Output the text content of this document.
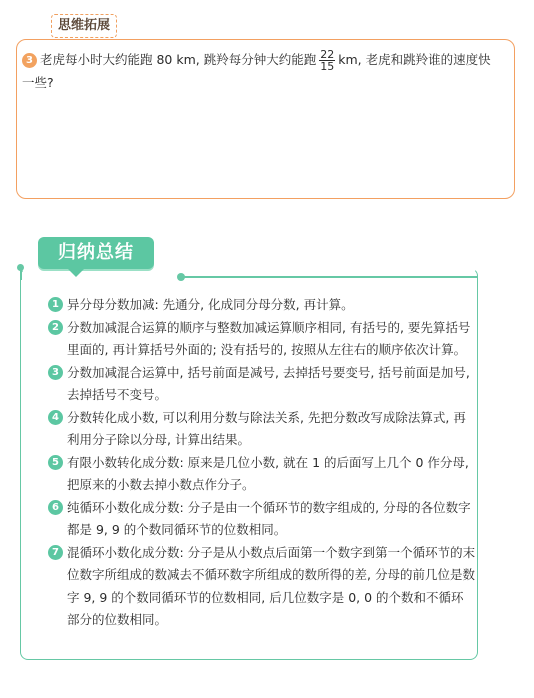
思维拓展
3 老虎每小时大约能跑 80 km, 跳羚每分钟大约能跑 $\frac{22}{15}$ km, 老虎和跳羚谁的速度快一些?
归纳总结
1 异分母分数加减: 先通分, 化成同分母分数, 再计算。
2 分数加减混合运算的顺序与整数加减运算顺序相同, 有括号的, 要先算括号里面的, 再计算括号外面的; 没有括号的, 按照从左往右的顺序依次计算。
3 分数加减混合运算中, 括号前面是减号, 去掉括号要变号, 括号前面是加号, 去掉括号不变号。
4 分数转化成小数, 可以利用分数与除法关系, 先把分数改写成除法算式, 再利用分子除以分母, 计算出结果。
5 有限小数转化成分数: 原来是几位小数, 就在 1 的后面写上几个 0 作分母, 把原来的小数去掉小数点作分子。
6 纯循环小数化成分数: 分子是由一个循环节的数字组成的, 分母的各位数字都是 9, 9 的个数同循环节的位数相同。
7 混循环小数化成分数: 分子是从小数点后面第一个数字到第一个循环节的末位数字所组成的数减去不循环数字所组成的数所得的差, 分母的前几位是数字 9, 9 的个数同循环节的位数相同, 后几位数字是 0, 0 的个数和不循环部分的位数相同。
